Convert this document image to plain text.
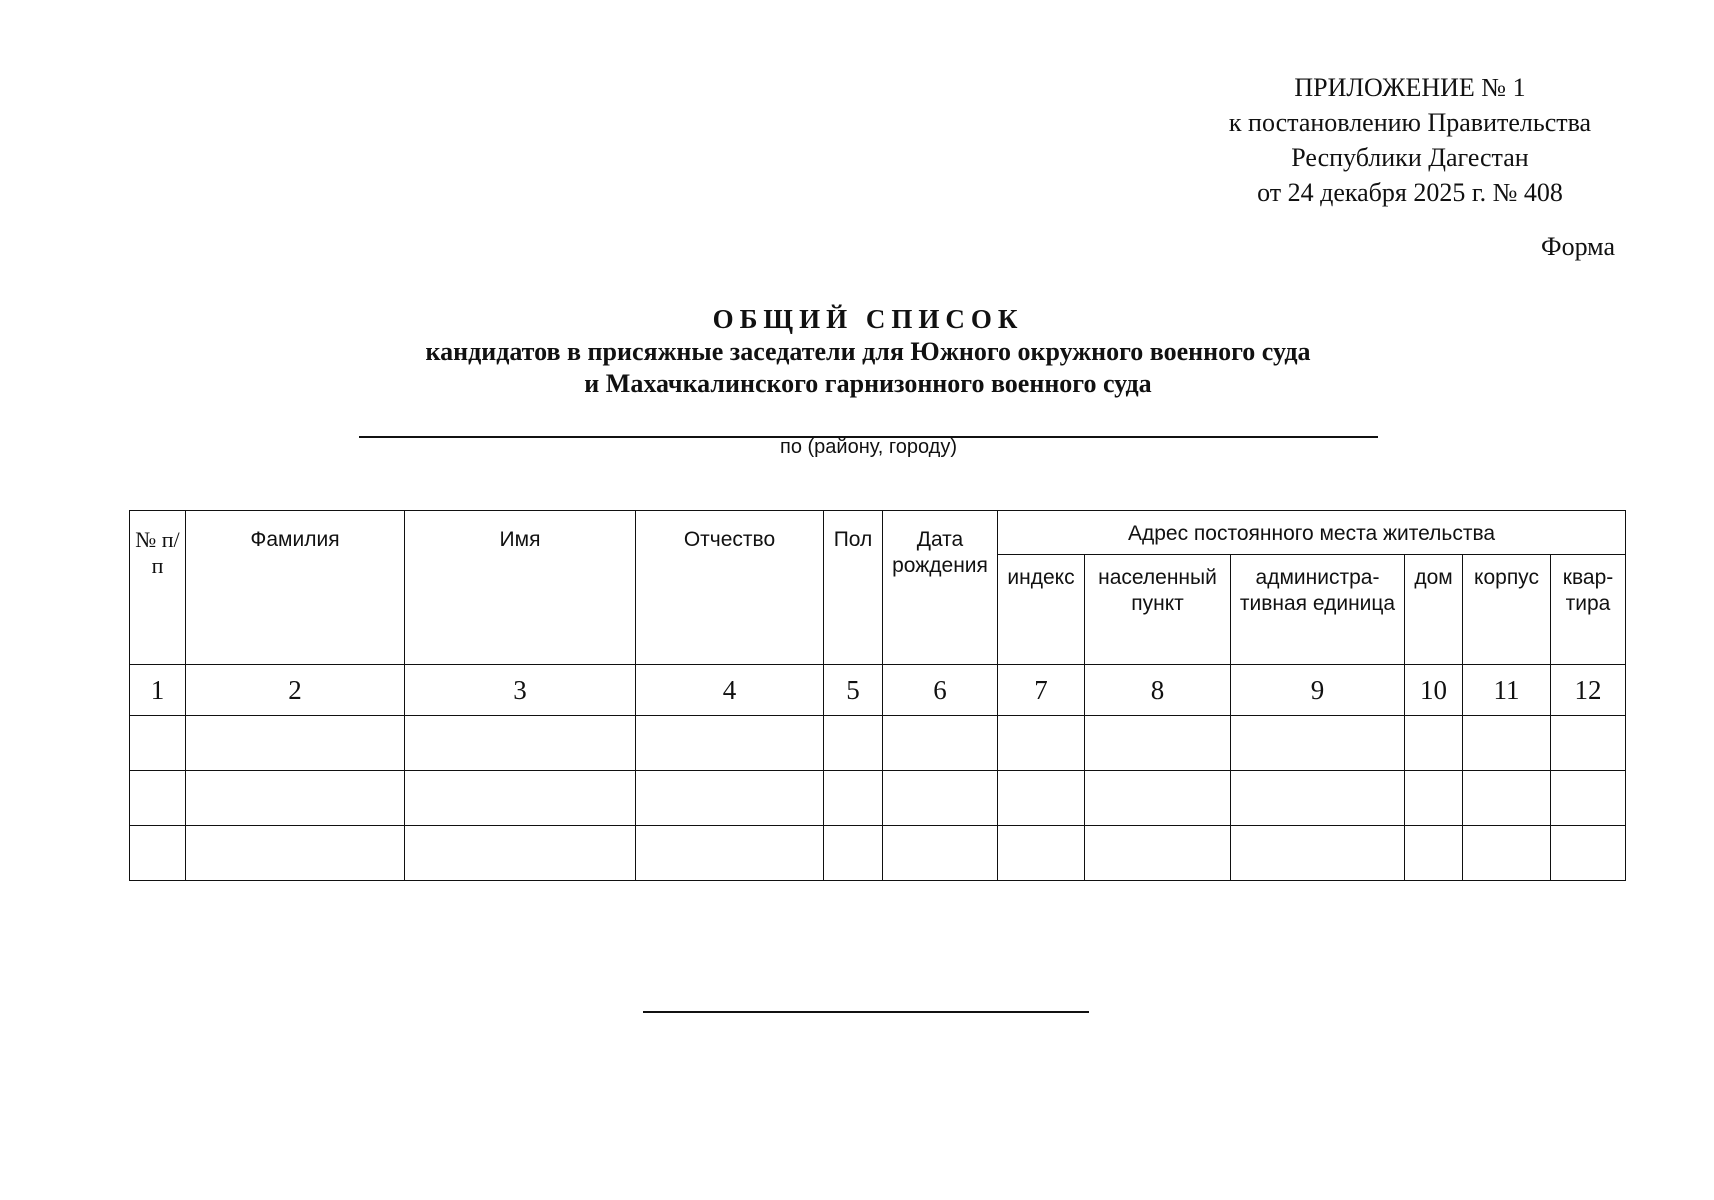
ПРИЛОЖЕНИЕ № 1
к постановлению Правительства
Республики Дагестан
от 24 декабря 2025 г. № 408
Форма
ОБЩИЙ СПИСОК
кандидатов в присяжные заседатели для Южного окружного военного суда
и Махачкалинского гарнизонного военного суда
по (району, городу)
№ п/п	Фамилия	Имя	Отчество	Пол	Дата рождения	Адрес постоянного места жительства					
						индекс	населенный пункт	администра-тивная единица	дом	корпус	квар-тира
1	2	3	4	5	6	7	8	9	10	11	12
